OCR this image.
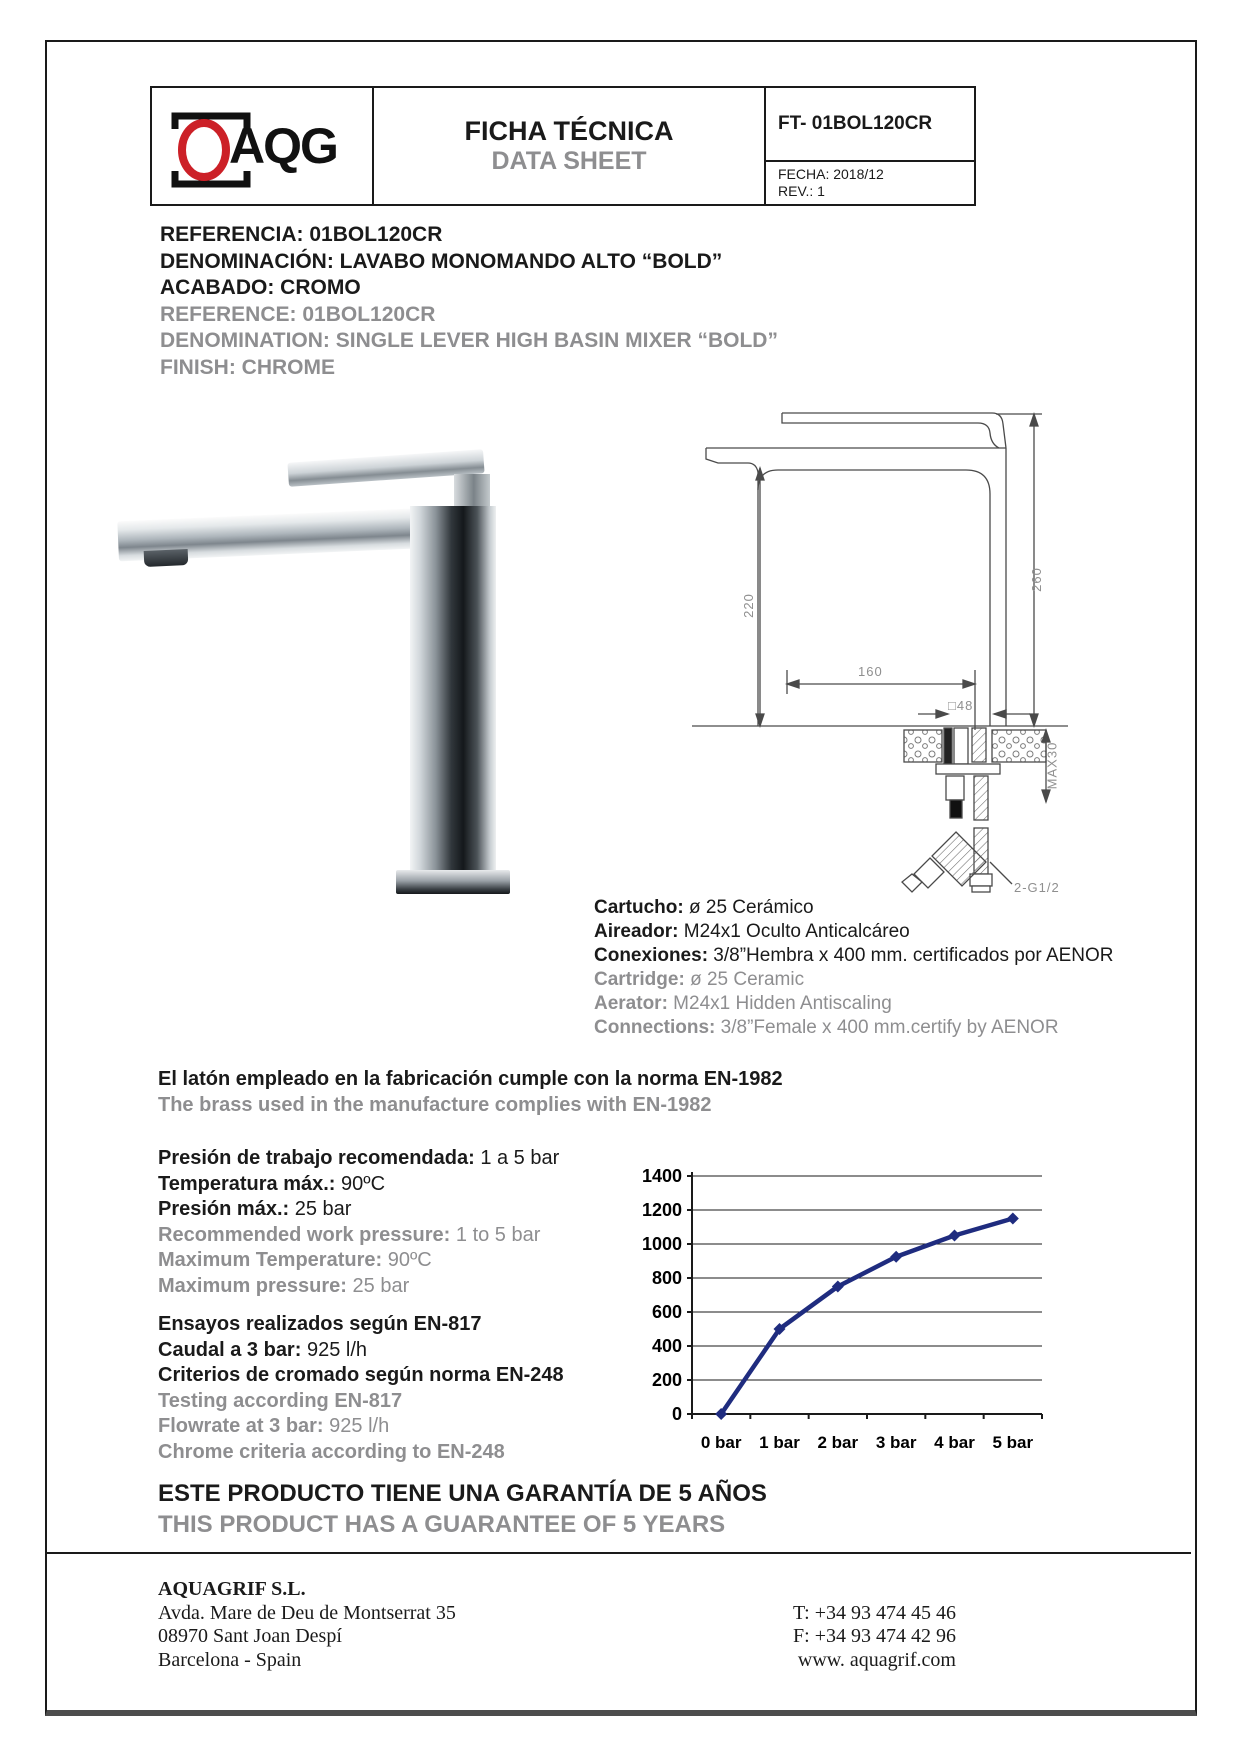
AQG	FICHA TÉCNICA
DATA SHEET
FT- 01BOL120CR
FECHA: 2018/12
REV.: 1
REFERENCIA: 01BOL120CR
DENOMINACIÓN: LAVABO MONOMANDO ALTO “BOLD”
ACABADO: CROMO
REFERENCE: 01BOL120CR
DENOMINATION: SINGLE LEVER HIGH BASIN MIXER “BOLD”
FINISH: CHROME
220
260
160
□48
MAX30
2-G1/2
Cartucho: ø 25 Cerámico
Aireador: M24x1 Oculto Anticalcáreo
Conexiones: 3/8”Hembra x 400 mm. certificados por AENOR
Cartridge: ø 25 Ceramic
Aerator: M24x1 Hidden Antiscaling
Connections: 3/8”Female x 400 mm.certify by AENOR
El latón empleado en la fabricación cumple con la norma EN-1982
The brass used in the manufacture complies with EN-1982
Presión de trabajo recomendada: 1 a 5 bar
Temperatura máx.: 90ºC
Presión máx.: 25 bar
Recommended work pressure: 1 to 5 bar
Maximum Temperature: 90ºC
Maximum pressure: 25 bar
Ensayos realizados según EN-817
Caudal a 3 bar: 925 l/h
Criterios de cromado según norma EN-248
Testing according EN-817
Flowrate at 3 bar: 925 l/h
Chrome criteria according to EN-248
0
200
400
600
800
1000
1200
1400
0 bar 1 bar 2 bar 3 bar 4 bar 5 bar
ESTE PRODUCTO TIENE UNA GARANTÍA DE 5 AÑOS
THIS PRODUCT HAS A GUARANTEE OF 5 YEARS
AQUAGRIF S.L.
Avda. Mare de Deu de Montserrat 35
08970 Sant Joan Despí
Barcelona - Spain
T: +34 93 474 45 46
F: +34 93 474 42 96
www. aquagrif.com
